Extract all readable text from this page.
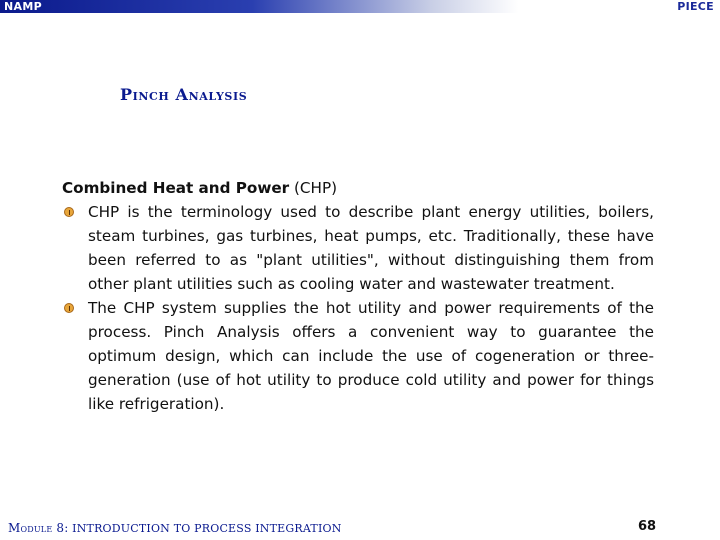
NAMP	PIECE
Pinch Analysis

Combined Heat and Power (CHP)

CHP is the terminology used to describe plant energy utilities, boilers, steam turbines, gas turbines, heat pumps, etc. Traditionally, these have been referred to as "plant utilities", without distinguishing them from other plant utilities such as cooling water and wastewater treatment.
The CHP system supplies the hot utility and power requirements of the process. Pinch Analysis offers a convenient way to guarantee the optimum design, which can include the use of cogeneration or three-generation (use of hot utility to produce cold utility and power for things like refrigeration).
Module 8: INTRODUCTION TO PROCESS INTEGRATION	68
